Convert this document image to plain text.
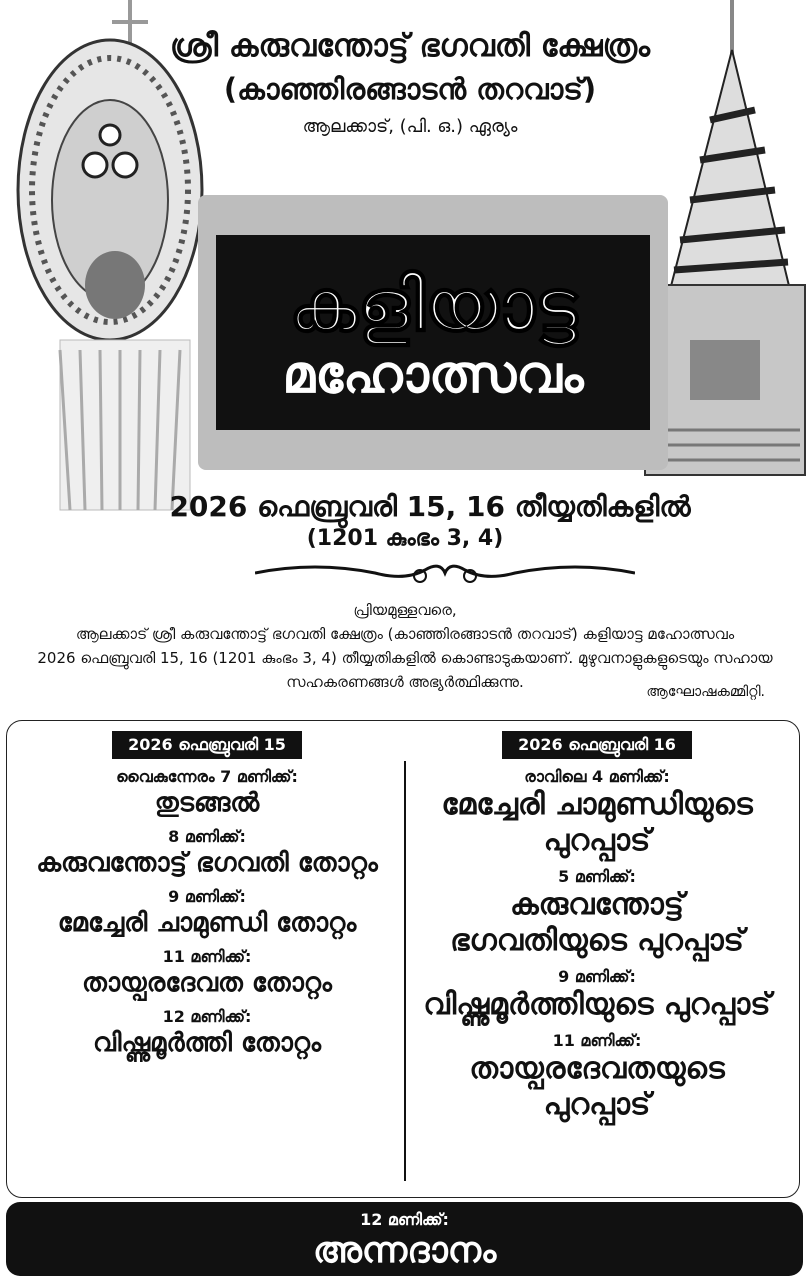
ശ്രീ കരുവന്തോട്ട് ഭഗവതി ക്ഷേത്രം
(കാഞ്ഞിരങ്ങാടൻ തറവാട്)
ആലക്കാട്, (പി. ഒ.) ഏര്യം
കളിയാട്ട
മഹോത്സവം
2026 ഫെബ്രുവരി 15, 16 തീയ്യതികളിൽ
(1201 കുംഭം 3, 4)

പ്രിയമുള്ളവരെ,

ആലക്കാട് ശ്രീ കരുവന്തോട്ട് ഭഗവതി ക്ഷേത്രം (കാഞ്ഞിരങ്ങാടൻ തറവാട്) കളിയാട്ട മഹോത്സവം

2026 ഫെബ്രുവരി 15, 16 (1201 കുംഭം 3, 4) തീയ്യതികളിൽ കൊണ്ടാടുകയാണ്. മുഴുവനാളുകളുടെയും സഹായ

സഹകരണങ്ങൾ അഭ്യർത്ഥിക്കുന്നു.

ആഘോഷകമ്മിറ്റി.
2026 ഫെബ്രുവരി 15
വൈകുന്നേരം 7 മണിക്ക്:
തുടങ്ങൽ
8 മണിക്ക്:
കരുവന്തോട്ട് ഭഗവതി തോറ്റം
9 മണിക്ക്:
മേച്ചേരി ചാമുണ്ഡി തോറ്റം
11 മണിക്ക്:
തായ്പരദേവത തോറ്റം
12 മണിക്ക്:
വിഷ്ണുമൂർത്തി തോറ്റം
2026 ഫെബ്രുവരി 16
രാവിലെ 4 മണിക്ക്:
മേച്ചേരി ചാമുണ്ഡിയുടെ പുറപ്പാട്
5 മണിക്ക്:
കരുവന്തോട്ട് ഭഗവതിയുടെ പുറപ്പാട്
9 മണിക്ക്:
വിഷ്ണുമൂർത്തിയുടെ പുറപ്പാട്
11 മണിക്ക്:
തായ്പരദേവതയുടെ പുറപ്പാട്
12 മണിക്ക്:
അന്നദാനം
